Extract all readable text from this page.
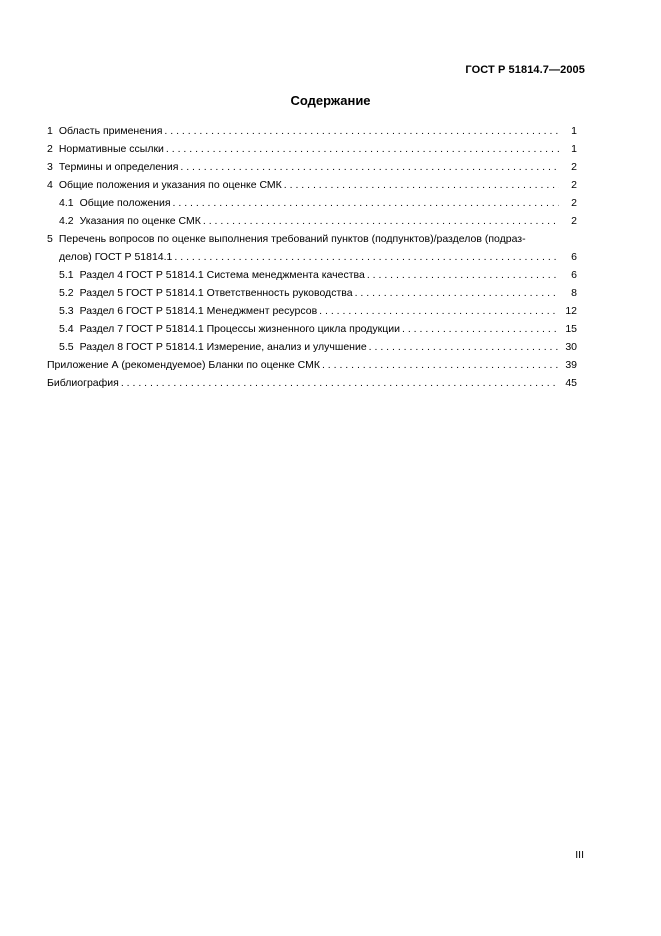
ГОСТ Р 51814.7—2005
Содержание
1 Область применения . . .	1
2 Нормативные ссылки . . .	1
3 Термины и определения . . .	2
4 Общие положения и указания по оценке СМК . . .	2
4.1 Общие положения . . .	2
4.2 Указания по оценке СМК . . .	2
5 Перечень вопросов по оценке выполнения требований пунктов (подпунктов)/разделов (подраз-
делов) ГОСТ Р 51814.1 . . .	6
5.1 Раздел 4 ГОСТ Р 51814.1 Система менеджмента качества . . .	6
5.2 Раздел 5 ГОСТ Р 51814.1 Ответственность руководства . . .	8
5.3 Раздел 6 ГОСТ Р 51814.1 Менеджмент ресурсов . . .	12
5.4 Раздел 7 ГОСТ Р 51814.1 Процессы жизненного цикла продукции . . .	15
5.5 Раздел 8 ГОСТ Р 51814.1 Измерение, анализ и улучшение . . .	30
Приложение А (рекомендуемое) Бланки по оценке СМК . . .	39
Библиография . . .	45
III
